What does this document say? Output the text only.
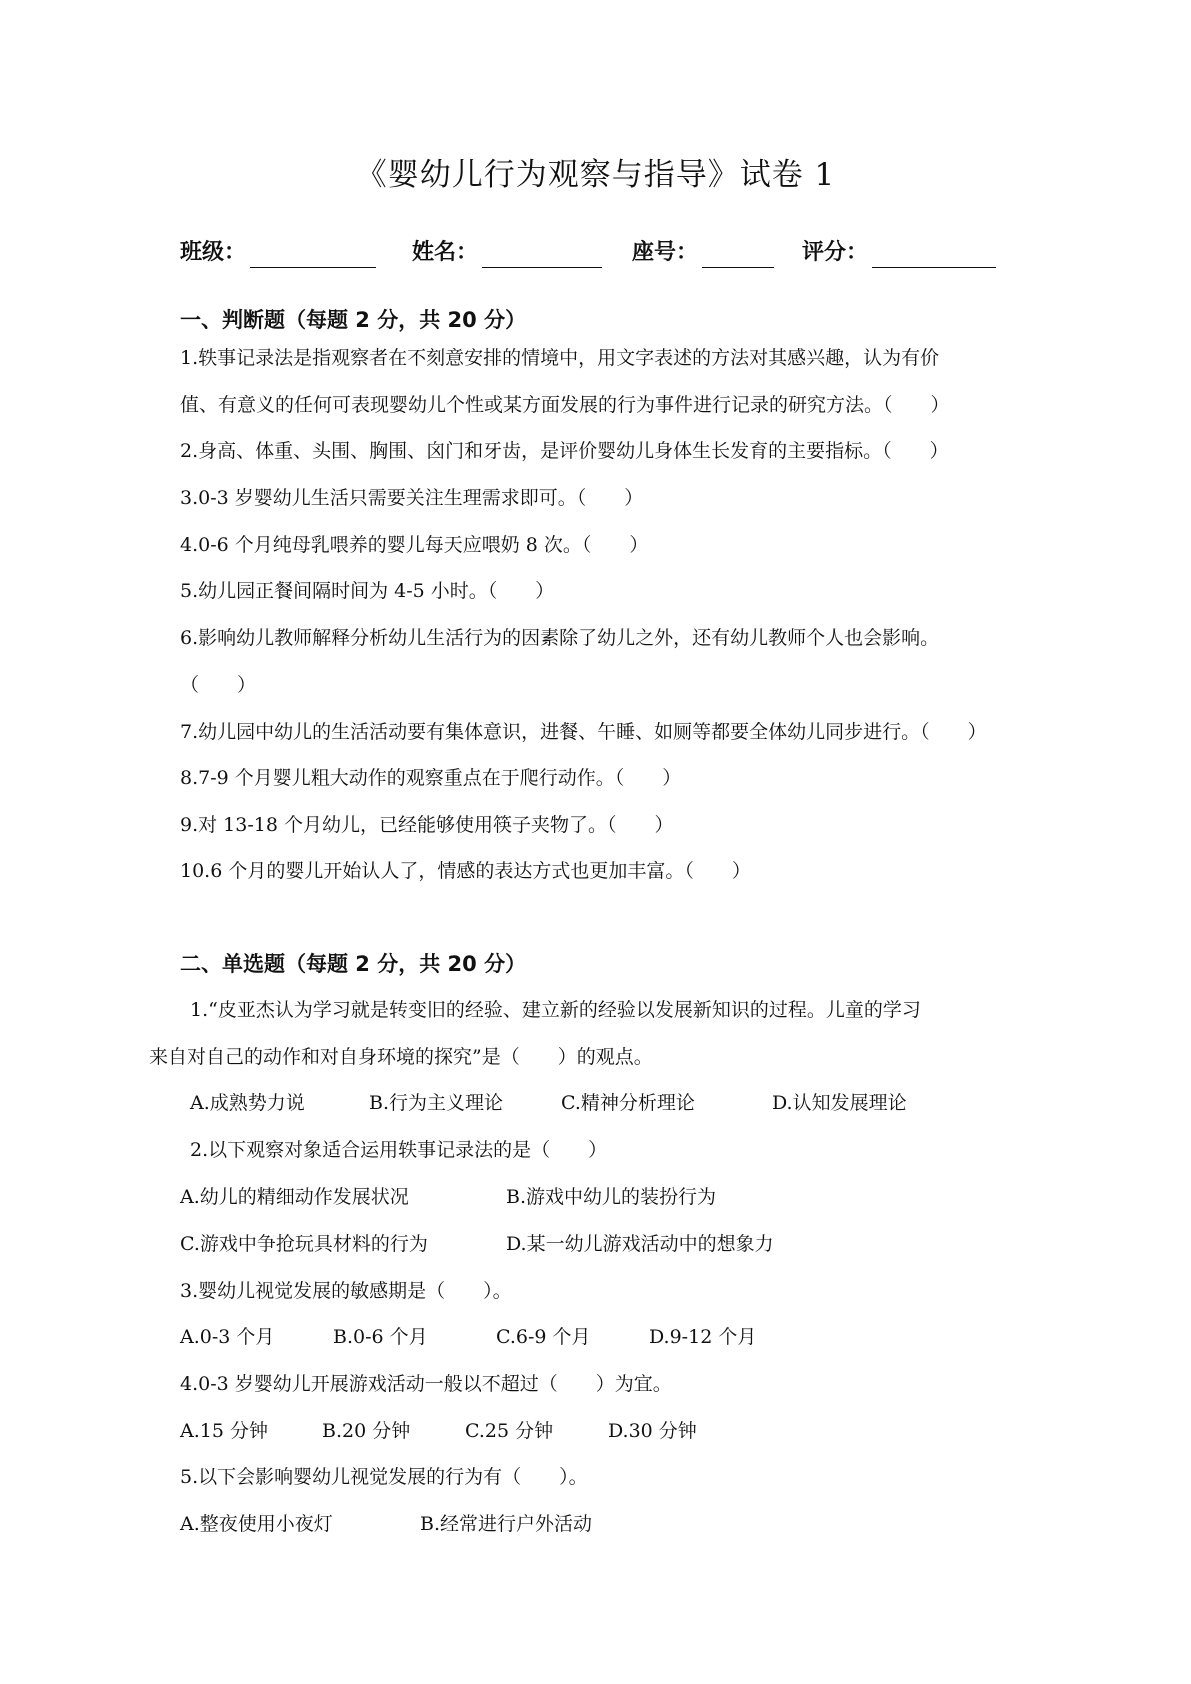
《婴幼儿行为观察与指导》试卷 1
班级：	姓名：	座号：	评分：
一、判断题（每题 2 分，共 20 分）
1.轶事记录法是指观察者在不刻意安排的情境中，用文字表述的方法对其感兴趣，认为有价
值、有意义的任何可表现婴幼儿个性或某方面发展的行为事件进行记录的研究方法。（　　）
2.身高、体重、头围、胸围、囟门和牙齿，是评价婴幼儿身体生长发育的主要指标。（　　）
3.0-3 岁婴幼儿生活只需要关注生理需求即可。（　　）
4.0-6 个月纯母乳喂养的婴儿每天应喂奶 8 次。（　　）
5.幼儿园正餐间隔时间为 4-5 小时。（　　）
6.影响幼儿教师解释分析幼儿生活行为的因素除了幼儿之外，还有幼儿教师个人也会影响。
（　　）
7.幼儿园中幼儿的生活活动要有集体意识，进餐、午睡、如厕等都要全体幼儿同步进行。（　　）
8.7-9 个月婴儿粗大动作的观察重点在于爬行动作。（　　）
9.对 13-18 个月幼儿，已经能够使用筷子夹物了。（　　）
10.6 个月的婴儿开始认人了，情感的表达方式也更加丰富。（　　）
二、单选题（每题 2 分，共 20 分）
1.“皮亚杰认为学习就是转变旧的经验、建立新的经验以发展新知识的过程。儿童的学习
来自对自己的动作和对自身环境的探究”是（　　）的观点。
A.成熟势力说	B.行为主义理论	C.精神分析理论	D.认知发展理论
2.以下观察对象适合运用轶事记录法的是（　　）
A.幼儿的精细动作发展状况	B.游戏中幼儿的装扮行为
C.游戏中争抢玩具材料的行为	D.某一幼儿游戏活动中的想象力
3.婴幼儿视觉发展的敏感期是（　　）。
A.0-3 个月	B.0-6 个月	C.6-9 个月	D.9-12 个月
4.0-3 岁婴幼儿开展游戏活动一般以不超过（　　）为宜。
A.15 分钟	B.20 分钟	C.25 分钟	D.30 分钟
5.以下会影响婴幼儿视觉发展的行为有（　　）。
A.整夜使用小夜灯	B.经常进行户外活动
